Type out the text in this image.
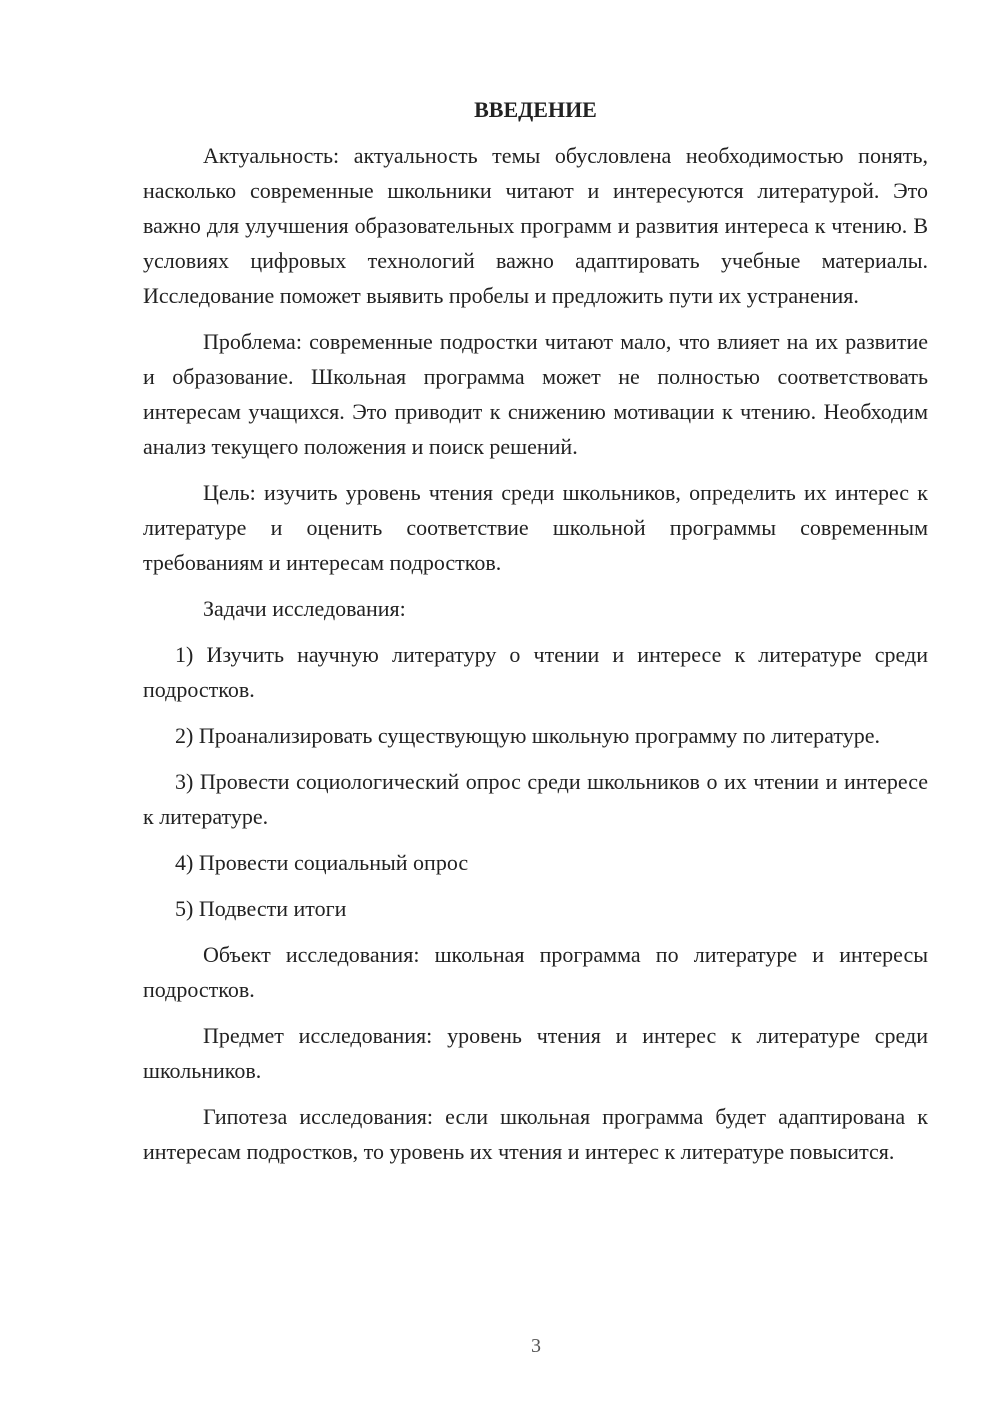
ВВЕДЕНИЕ

Актуальность: актуальность темы обусловлена необходимостью понять, насколько современные школьники читают и интересуются литературой. Это важно для улучшения образовательных программ и развития интереса к чтению. В условиях цифровых технологий важно адаптировать учебные материалы. Исследование поможет выявить пробелы и предложить пути их устранения.

Проблема: современные подростки читают мало, что влияет на их развитие и образование. Школьная программа может не полностью соответствовать интересам учащихся. Это приводит к снижению мотивации к чтению. Необходим анализ текущего положения и поиск решений.

Цель: изучить уровень чтения среди школьников, определить их интерес к литературе и оценить соответствие школьной программы современным требованиям и интересам подростков.

Задачи исследования:

1) Изучить научную литературу о чтении и интересе к литературе среди подростков.

2) Проанализировать существующую школьную программу по литературе.

3) Провести социологический опрос среди школьников о их чтении и интересе к литературе.

4) Провести социальный опрос

5) Подвести итоги

Объект исследования: школьная программа по литературе и интересы подростков.

Предмет исследования: уровень чтения и интерес к литературе среди школьников.

Гипотеза исследования: если школьная программа будет адаптирована к интересам подростков, то уровень их чтения и интерес к литературе повысится.

3
